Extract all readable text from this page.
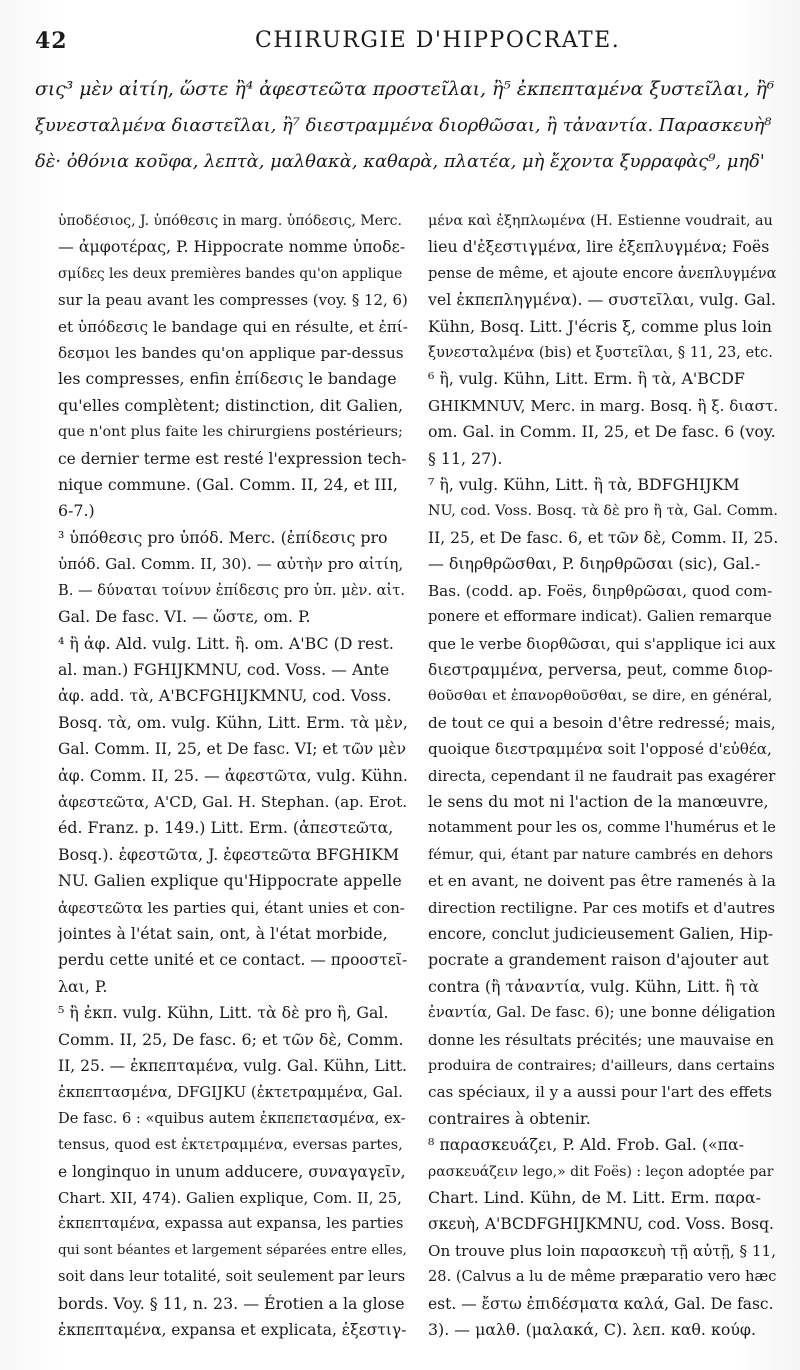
42	CHIRURGIE D'HIPPOCRATE.
σις³ μὲν αἰτίη, ὥστε ἢ⁴ ἀφεστεῶτα προστεῖλαι, ἢ⁵ ἐκπεπταμένα ξυστεῖλαι, ἢ⁶
ξυνεσταλμένα διαστεῖλαι, ἢ⁷ διεστραμμένα διορθῶσαι, ἢ τἀναντία. Παρασκευὴ⁸
δὲ· ὀθόνια κοῦφα, λεπτὰ, μαλθακὰ, καθαρὰ, πλατέα, μὴ ἔχοντα ξυρραφὰς⁹, μηδ'
ὑποδέσιος, J. ὑπόθεσις in marg. ὑπόδεσις, Merc.
— ἀμφοτέρας, P. Hippocrate nomme ὑποδε-
σμίδες les deux premières bandes qu'on applique
sur la peau avant les compresses (voy. § 12, 6)
et ὑπόδεσις le bandage qui en résulte, et ἐπί-
δεσμοι les bandes qu'on applique par-dessus
les compresses, enfin ἐπίδεσις le bandage
qu'elles complètent; distinction, dit Galien,
que n'ont plus faite les chirurgiens postérieurs;
ce dernier terme est resté l'expression tech-
nique commune. (Gal. Comm. II, 24, et III,
6-7.)
³ ὑπόθεσις pro ὑπόδ. Merc. (ἐπίδεσις pro
ὑπόδ. Gal. Comm. II, 30). — αὐτὴν pro αἰτίη,
B. — δύναται τοίνυν ἐπίδεσις pro ὑπ. μὲν. αἰτ.
Gal. De fasc. VI. — ὥστε, om. P.
⁴ ἢ ἀφ. Ald. vulg. Litt. ἢ. om. A'BC (D rest.
al. man.) FGHIJKMNU, cod. Voss. — Ante
ἀφ. add. τὰ, A'BCFGHIJKMNU, cod. Voss.
Bosq. τὰ, om. vulg. Kühn, Litt. Erm. τὰ μὲν,
Gal. Comm. II, 25, et De fasc. VI; et τῶν μὲν
ἀφ. Comm. II, 25. — ἀφεστῶτα, vulg. Kühn.
ἀφεστεῶτα, A'CD, Gal. H. Stephan. (ap. Erot.
éd. Franz. p. 149.) Litt. Erm. (ἀπεστεῶτα,
Bosq.). ἐφεστῶτα, J. ἐφεστεῶτα BFGHIKM
NU. Galien explique qu'Hippocrate appelle
ἀφεστεῶτα les parties qui, étant unies et con-
jointes à l'état sain, ont, à l'état morbide,
perdu cette unité et ce contact. — προοστεῖ-
λαι, P.
⁵ ἢ ἐκπ. vulg. Kühn, Litt. τὰ δὲ pro ἢ, Gal.
Comm. II, 25, De fasc. 6; et τῶν δὲ, Comm.
II, 25. — ἐκπεπταμένα, vulg. Gal. Kühn, Litt.
ἐκπεπτασμένα, DFGIJKU (ἐκτετραμμένα, Gal.
De fasc. 6 : «quibus autem ἐκπεπετασμένα, ex-
tensus, quod est ἐκτετραμμένα, eversas partes,
e longinquo in unum adducere, συναγαγεῖν,
Chart. XII, 474). Galien explique, Com. II, 25,
ἐκπεπταμένα, expassa aut expansa, les parties
qui sont béantes et largement séparées entre elles,
soit dans leur totalité, soit seulement par leurs
bords. Voy. § 11, n. 23. — Érotien a la glose
ἐκπεπταμένα, expansa et explicata, ἐξεστιγ-
μένα καὶ ἐξηπλωμένα (H. Estienne voudrait, au
lieu d'ἐξεστιγμένα, lire ἐξεπλυγμένα; Foës
pense de même, et ajoute encore ἀνεπλυγμένα
vel ἐκπεπληγμένα). — συστεῖλαι, vulg. Gal.
Kühn, Bosq. Litt. J'écris ξ, comme plus loin
ξυνεσταλμένα (bis) et ξυστεῖλαι, § 11, 23, etc.
⁶ ἢ, vulg. Kühn, Litt. Erm. ἢ τὰ, A'BCDF
GHIKMNUV, Merc. in marg. Bosq. ἢ ξ. διαστ.
om. Gal. in Comm. II, 25, et De fasc. 6 (voy.
§ 11, 27).
⁷ ἢ, vulg. Kühn, Litt. ἢ τὰ, BDFGHIJKM
NU, cod. Voss. Bosq. τὰ δὲ pro ἢ τὰ, Gal. Comm.
II, 25, et De fasc. 6, et τῶν δὲ, Comm. II, 25.
— διηρθρῶσθαι, P. διηρθρῶσαι (sic), Gal.-
Bas. (codd. ap. Foës, διηρθρῶσαι, quod com-
ponere et efformare indicat). Galien remarque
que le verbe διορθῶσαι, qui s'applique ici aux
διεστραμμένα, perversa, peut, comme διορ-
θοῦσθαι et ἐπανορθοῦσθαι, se dire, en général,
de tout ce qui a besoin d'être redressé; mais,
quoique διεστραμμένα soit l'opposé d'εὐθέα,
directa, cependant il ne faudrait pas exagérer
le sens du mot ni l'action de la manœuvre,
notamment pour les os, comme l'humérus et le
fémur, qui, étant par nature cambrés en dehors
et en avant, ne doivent pas être ramenés à la
direction rectiligne. Par ces motifs et d'autres
encore, conclut judicieusement Galien, Hip-
pocrate a grandement raison d'ajouter aut
contra (ἢ τἀναντία, vulg. Kühn, Litt. ἢ τὰ
ἐναντία, Gal. De fasc. 6); une bonne déligation
donne les résultats précités; une mauvaise en
produira de contraires; d'ailleurs, dans certains
cas spéciaux, il y a aussi pour l'art des effets
contraires à obtenir.
⁸ παρασκευάζει, P. Ald. Frob. Gal. («πα-
ρασκευάζειν lego,» dit Foës) : leçon adoptée par
Chart. Lind. Kühn, de M. Litt. Erm. παρα-
σκευὴ, A'BCDFGHIJKMNU, cod. Voss. Bosq.
On trouve plus loin παρασκευὴ τῇ αὐτῇ, § 11,
28. (Calvus a lu de même præparatio vero hæc
est. — ἔστω ἐπιδέσματα καλά, Gal. De fasc.
3). — μαλθ. (μαλακά, C). λεπ. καθ. κούφ.
